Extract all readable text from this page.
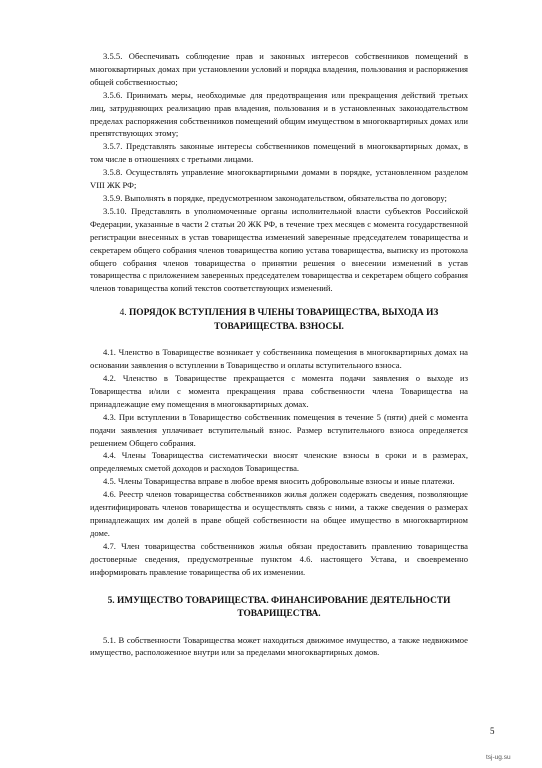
3.5.5. Обеспечивать соблюдение прав и законных интересов собственников помещений в многоквартирных домах при установлении условий и порядка владения, пользования и распоряжения общей собственностью;

3.5.6. Принимать меры, необходимые для предотвращения или прекращения действий третьих лиц, затрудняющих реализацию прав владения, пользования и в установленных законодательством пределах распоряжения собственников помещений общим имуществом в многоквартирных домах или препятствующих этому;

3.5.7. Представлять законные интересы собственников помещений в многоквартирных домах, в том числе в отношениях с третьими лицами.

3.5.8. Осуществлять управление многоквартирными домами в порядке, установленном разделом VIII ЖК РФ;

3.5.9. Выполнять в порядке, предусмотренном законодательством, обязательства по договору;

3.5.10. Представлять в уполномоченные органы исполнительной власти субъектов Российской Федерации, указанные в части 2 статьи 20 ЖК РФ, в течение трех месяцев с момента государственной регистрации внесенных в устав товарищества изменений заверенные председателем товарищества и секретарем общего собрания членов товарищества копию устава товарищества, выписку из протокола общего собрания членов товарищества о принятии решения о внесении изменений в устав товарищества с приложением заверенных председателем товарищества и секретарем общего собрания членов товарищества копий текстов соответствующих изменений.

4. ПОРЯДОК ВСТУПЛЕНИЯ В ЧЛЕНЫ ТОВАРИЩЕСТВА, ВЫХОДА ИЗ ТОВАРИЩЕСТВА. ВЗНОСЫ.

4.1. Членство в Товариществе возникает у собственника помещения в многоквартирных домах на основании заявления о вступлении в Товарищество и оплаты вступительного взноса.

4.2. Членство в Товариществе прекращается с момента подачи заявления о выходе из Товарищества и/или с момента прекращения права собственности члена Товарищества на принадлежащие ему помещения в многоквартирных домах.

4.3. При вступлении в Товарищество собственник помещения в течение 5 (пяти) дней с момента подачи заявления уплачивает вступительный взнос. Размер вступительного взноса определяется решением Общего собрания.

4.4. Члены Товарищества систематически вносят членские взносы в сроки и в размерах, определяемых сметой доходов и расходов Товарищества.

4.5. Члены Товарищества вправе в любое время вносить добровольные взносы и иные платежи.

4.6. Реестр членов товарищества собственников жилья должен содержать сведения, позволяющие идентифицировать членов товарищества и осуществлять связь с ними, а также сведения о размерах принадлежащих им долей в праве общей собственности на общее имущество в многоквартирном доме.

4.7. Член товарищества собственников жилья обязан предоставить правлению товарищества достоверные сведения, предусмотренные пунктом 4.6. настоящего Устава, и своевременно информировать правление товарищества об их изменении.

5. ИМУЩЕСТВО ТОВАРИЩЕСТВА. ФИНАНСИРОВАНИЕ ДЕЯТЕЛЬНОСТИ ТОВАРИЩЕСТВА.

5.1. В собственности Товарищества может находиться движимое имущество, а также недвижимое имущество, расположенное внутри или за пределами многоквартирных домов.

5
tsj-ug.su
